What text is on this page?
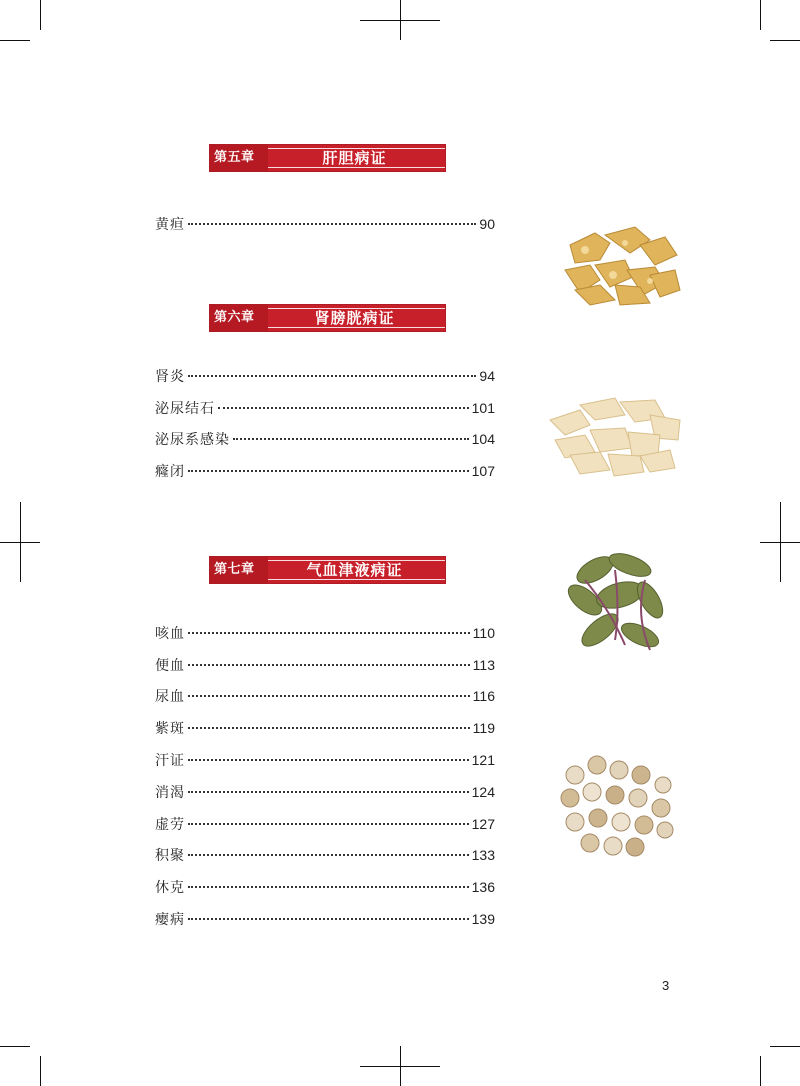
第五章	肝胆病证
黄疸	90
第六章	肾膀胱病证
肾炎	94
泌尿结石	101
泌尿系感染	104
癃闭	107
第七章	气血津液病证
咳血	110
便血	113
尿血	116
紫斑	119
汗证	121
消渴	124
虚劳	127
积聚	133
休克	136
瘿病	139
3
